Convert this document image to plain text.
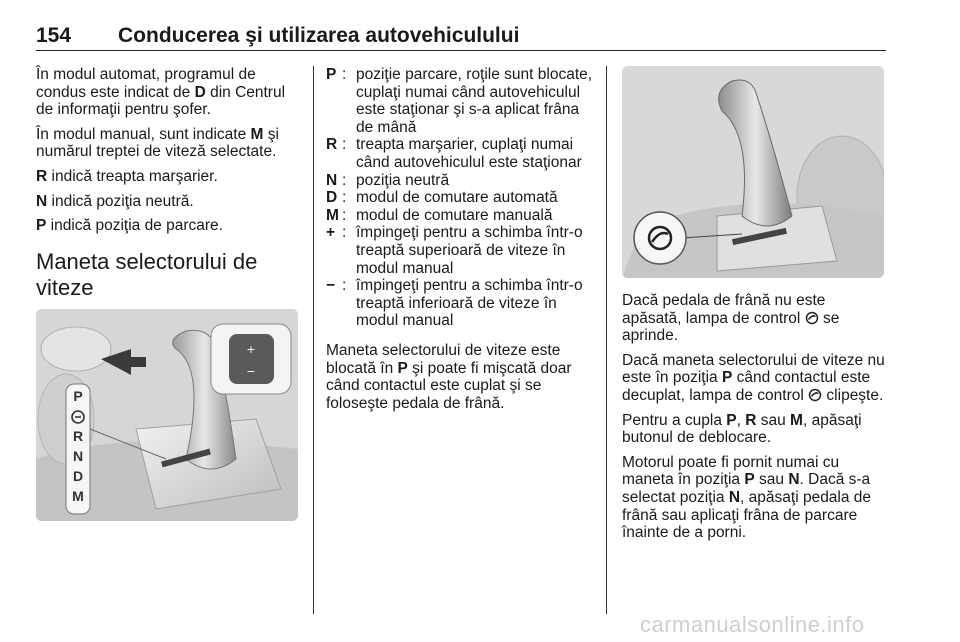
154 Conducerea şi utilizarea autovehiculului

În modul automat, programul de condus este indicat de D din Centrul de informaţii pentru şofer.

În modul manual, sunt indicate M şi numărul treptei de viteză selectate.

R indică treapta marşarier.

N indică poziţia neutră.

P indică poziţia de parcare.

Maneta selectorului de viteze
+
−
P
R
N
D
M
P : poziţie parcare, roţile sunt blocate, cuplaţi numai când autovehiculul este staţionar şi s-a aplicat frâna de mână
R : treapta marşarier, cuplaţi numai când autovehiculul este staţionar
N : poziţia neutră
D : modul de comutare automată
M : modul de comutare manuală
+ : împingeţi pentru a schimba într-o treaptă superioară de viteze în modul manual
− : împingeţi pentru a schimba într-o treaptă inferioară de viteze în modul manual

Maneta selectorului de viteze este blocată în P şi poate fi mişcată doar când contactul este cuplat şi se foloseşte pedala de frână.

Dacă pedala de frână nu este apăsată, lampa de control  se aprinde.

Dacă maneta selectorului de viteze nu este în poziţia P când contactul este decuplat, lampa de control  clipeşte.

Pentru a cupla P, R sau M, apăsaţi butonul de deblocare.

Motorul poate fi pornit numai cu maneta în poziţia P sau N. Dacă s-a selectat poziţia N, apăsaţi pedala de frână sau aplicaţi frâna de parcare înainte de a porni.

carmanualsonline.info
